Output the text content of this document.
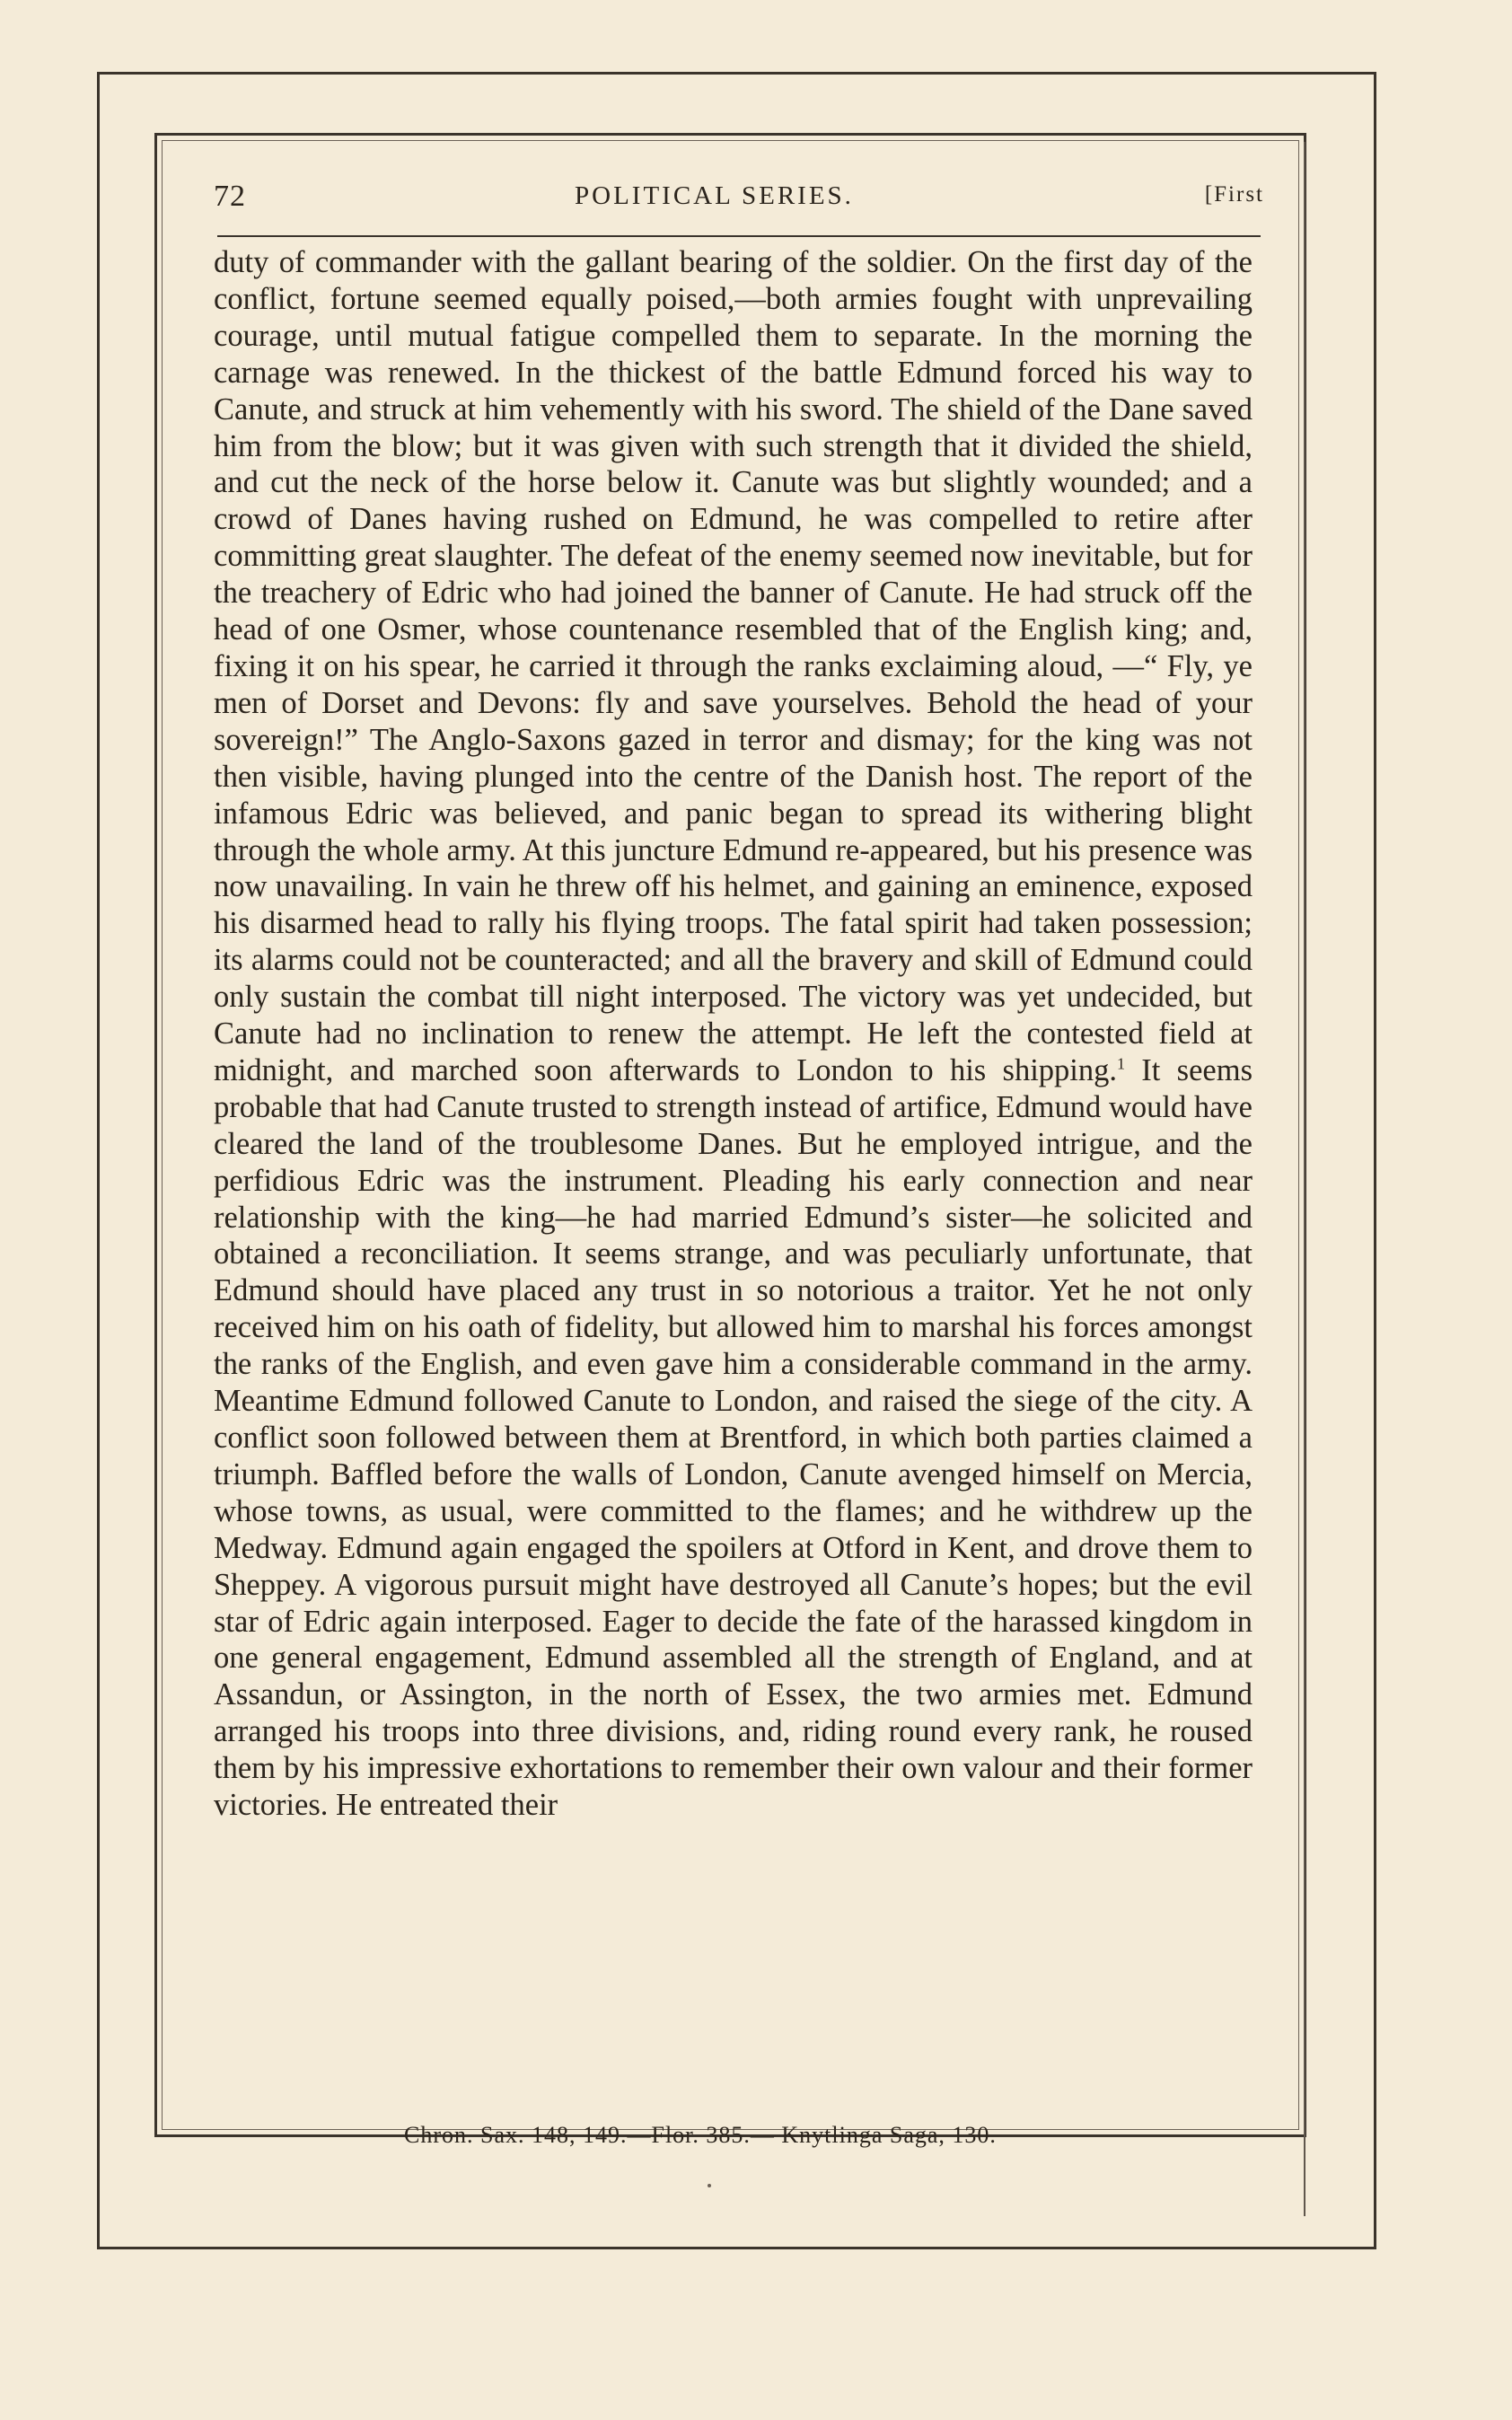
72	POLITICAL SERIES.	[First
duty of commander with the gallant bearing of the soldier. On the first day of the conflict, fortune seemed equally poised,—both armies fought with unprevailing courage, until mutual fatigue compelled them to separate. In the morning the carnage was renewed. In the thickest of the battle Edmund forced his way to Canute, and struck at him vehemently with his sword. The shield of the Dane saved him from the blow; but it was given with such strength that it divided the shield, and cut the neck of the horse below it. Canute was but slightly wounded; and a crowd of Danes having rushed on Edmund, he was compelled to retire after committing great slaughter. The defeat of the enemy seemed now inevitable, but for the treachery of Edric who had joined the banner of Canute. He had struck off the head of one Osmer, whose countenance resembled that of the English king; and, fixing it on his spear, he carried it through the ranks exclaiming aloud, —“ Fly, ye men of Dorset and Devons: fly and save yourselves. Behold the head of your sovereign!” The Anglo-Saxons gazed in terror and dismay; for the king was not then visible, having plunged into the centre of the Danish host. The report of the infamous Edric was believed, and panic began to spread its withering blight through the whole army. At this juncture Edmund re-appeared, but his presence was now unavailing. In vain he threw off his helmet, and gaining an eminence, exposed his disarmed head to rally his flying troops. The fatal spirit had taken possession; its alarms could not be counteracted; and all the bravery and skill of Edmund could only sustain the combat till night interposed. The victory was yet undecided, but Canute had no inclination to renew the attempt. He left the contested field at midnight, and marched soon afterwards to London to his shipping.$^1$ It seems probable that had Canute trusted to strength instead of artifice, Edmund would have cleared the land of the troublesome Danes. But he employed intrigue, and the perfidious Edric was the instrument. Pleading his early connection and near relationship with the king—he had married Edmund’s sister—he solicited and obtained a reconciliation. It seems strange, and was peculiarly unfortunate, that Edmund should have placed any trust in so notorious a traitor. Yet he not only received him on his oath of fidelity, but allowed him to marshal his forces amongst the ranks of the English, and even gave him a considerable command in the army. Meantime Edmund followed Canute to London, and raised the siege of the city. A conflict soon followed between them at Brentford, in which both parties claimed a triumph. Baffled before the walls of London, Canute avenged himself on Mercia, whose towns, as usual, were committed to the flames; and he withdrew up the Medway. Edmund again engaged the spoilers at Otford in Kent, and drove them to Sheppey. A vigorous pursuit might have destroyed all Canute’s hopes; but the evil star of Edric again interposed. Eager to decide the fate of the harassed kingdom in one general engagement, Edmund assembled all the strength of England, and at Assandun, or Assington, in the north of Essex, the two armies met. Edmund arranged his troops into three divisions, and, riding round every rank, he roused them by his impressive exhortations to remember their own valour and their former victories. He entreated their
Chron. Sax. 148, 149.—Flor. 385.— Knytlinga Saga, 130.
